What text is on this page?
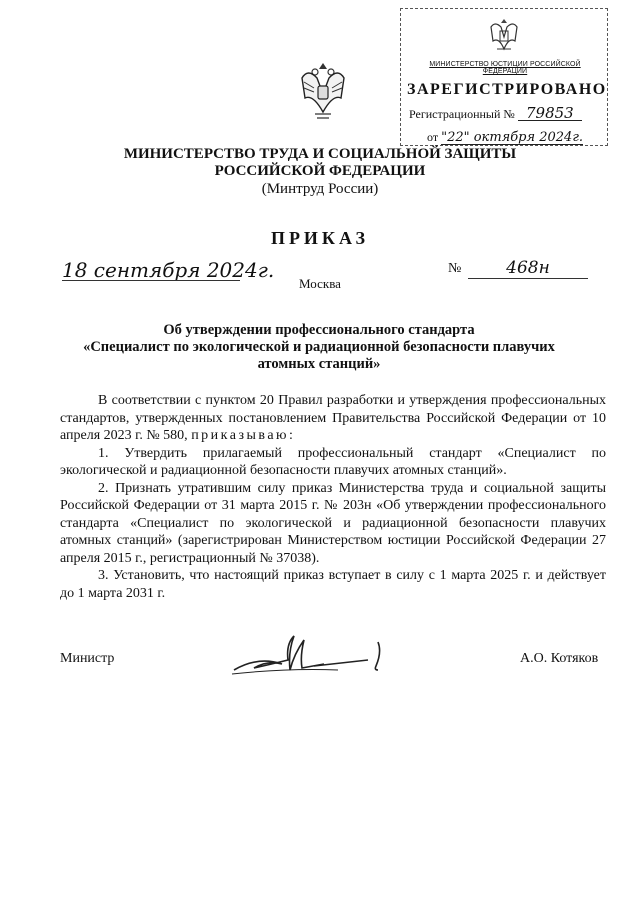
МИНИСТЕРСТВО ЮСТИЦИИ РОССИЙСКОЙ ФЕДЕРАЦИИ
ЗАРЕГИСТРИРОВАНО
Регистрационный № 79853
от "22" октября 2024г.
МИНИСТЕРСТВО ТРУДА И СОЦИАЛЬНОЙ ЗАЩИТЫ
РОССИЙСКОЙ ФЕДЕРАЦИИ
(Минтруд России)
ПРИКАЗ
18 сентября 2024г.	№	468н
Москва
Об утверждении профессионального стандарта
«Специалист по экологической и радиационной безопасности плавучих
атомных станций»

В соответствии с пунктом 20 Правил разработки и утверждения профессиональных стандартов, утвержденных постановлением Правительства Российской Федерации от 10 апреля 2023 г. № 580, приказываю:

1. Утвердить прилагаемый профессиональный стандарт «Специалист по экологической и радиационной безопасности плавучих атомных станций».

2. Признать утратившим силу приказ Министерства труда и социальной защиты Российской Федерации от 31 марта 2015 г. № 203н «Об утверждении профессионального стандарта «Специалист по экологической и радиационной безопасности плавучих атомных станций» (зарегистрирован Министерством юстиции Российской Федерации 27 апреля 2015 г., регистрационный № 37038).

3. Установить, что настоящий приказ вступает в силу с 1 марта 2025 г. и действует до 1 марта 2031 г.

Министр	А.О. Котяков
